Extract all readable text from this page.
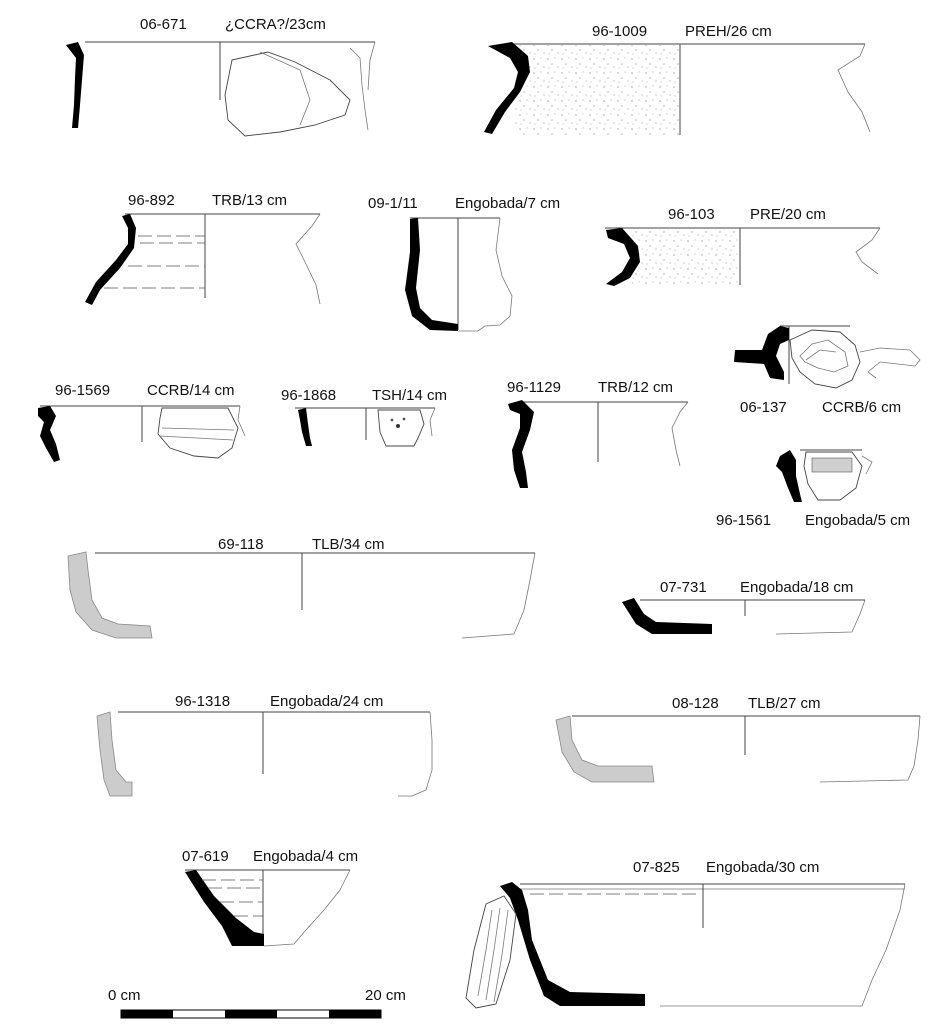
06-671	¿CCRA?/23cm	96-1009	PREH/26 cm
96-892 TRB/13 cm	09-1/11 Engobada/7 cm
96-103 PRE/20 cm
06-137 CCRB/6 cm
96-1569 CCRB/14 cm	96-1868 TSH/14 cm	96-1129 TRB/12 cm
96-1561 Engobada/5 cm
69-118	TLB/34 cm
07-731 Engobada/18 cm
96-1318	Engobada/24 cm	08-128 TLB/27 cm
07-619 Engobada/4 cm
07-825 Engobada/30 cm
0 cm	20 cm
